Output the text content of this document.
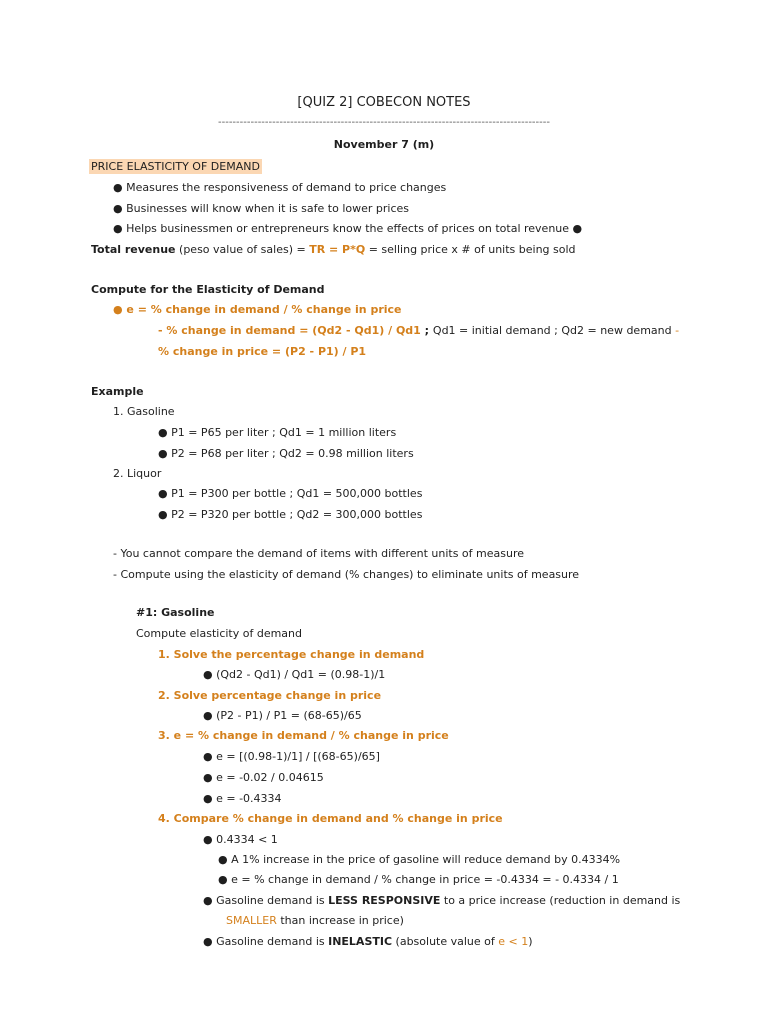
[QUIZ 2] COBECON NOTES
--------------------------------------------------------------------------------------------
November 7 (m)
PRICE ELASTICITY OF DEMAND
● Measures the responsiveness of demand to price changes
● Businesses will know when it is safe to lower prices
● Helps businessmen or entrepreneurs know the effects of prices on total revenue ●
Total revenue (peso value of sales) = TR = P*Q = selling price x # of units being sold
Compute for the Elasticity of Demand
● e = % change in demand / % change in price
- % change in demand = (Qd2 - Qd1) / Qd1 ; Qd1 = initial demand ; Qd2 = new demand -
% change in price = (P2 - P1) / P1
Example
1. Gasoline
● P1 = P65 per liter ; Qd1 = 1 million liters
● P2 = P68 per liter ; Qd2 = 0.98 million liters
2. Liquor
● P1 = P300 per bottle ; Qd1 = 500,000 bottles
● P2 = P320 per bottle ; Qd2 = 300,000 bottles
- You cannot compare the demand of items with different units of measure
- Compute using the elasticity of demand (% changes) to eliminate units of measure
#1: Gasoline
Compute elasticity of demand
1. Solve the percentage change in demand
● (Qd2 - Qd1) / Qd1 = (0.98-1)/1
2. Solve percentage change in price
● (P2 - P1) / P1 = (68-65)/65
3. e = % change in demand / % change in price
● e = [(0.98-1)/1] / [(68-65)/65]
● e = -0.02 / 0.04615
● e = -0.4334
4. Compare % change in demand and % change in price
● 0.4334 < 1
● A 1% increase in the price of gasoline will reduce demand by 0.4334%
● e = % change in demand / % change in price = -0.4334 = - 0.4334 / 1
● Gasoline demand is LESS RESPONSIVE to a price increase (reduction in demand is
SMALLER than increase in price)
● Gasoline demand is INELASTIC (absolute value of e < 1)
